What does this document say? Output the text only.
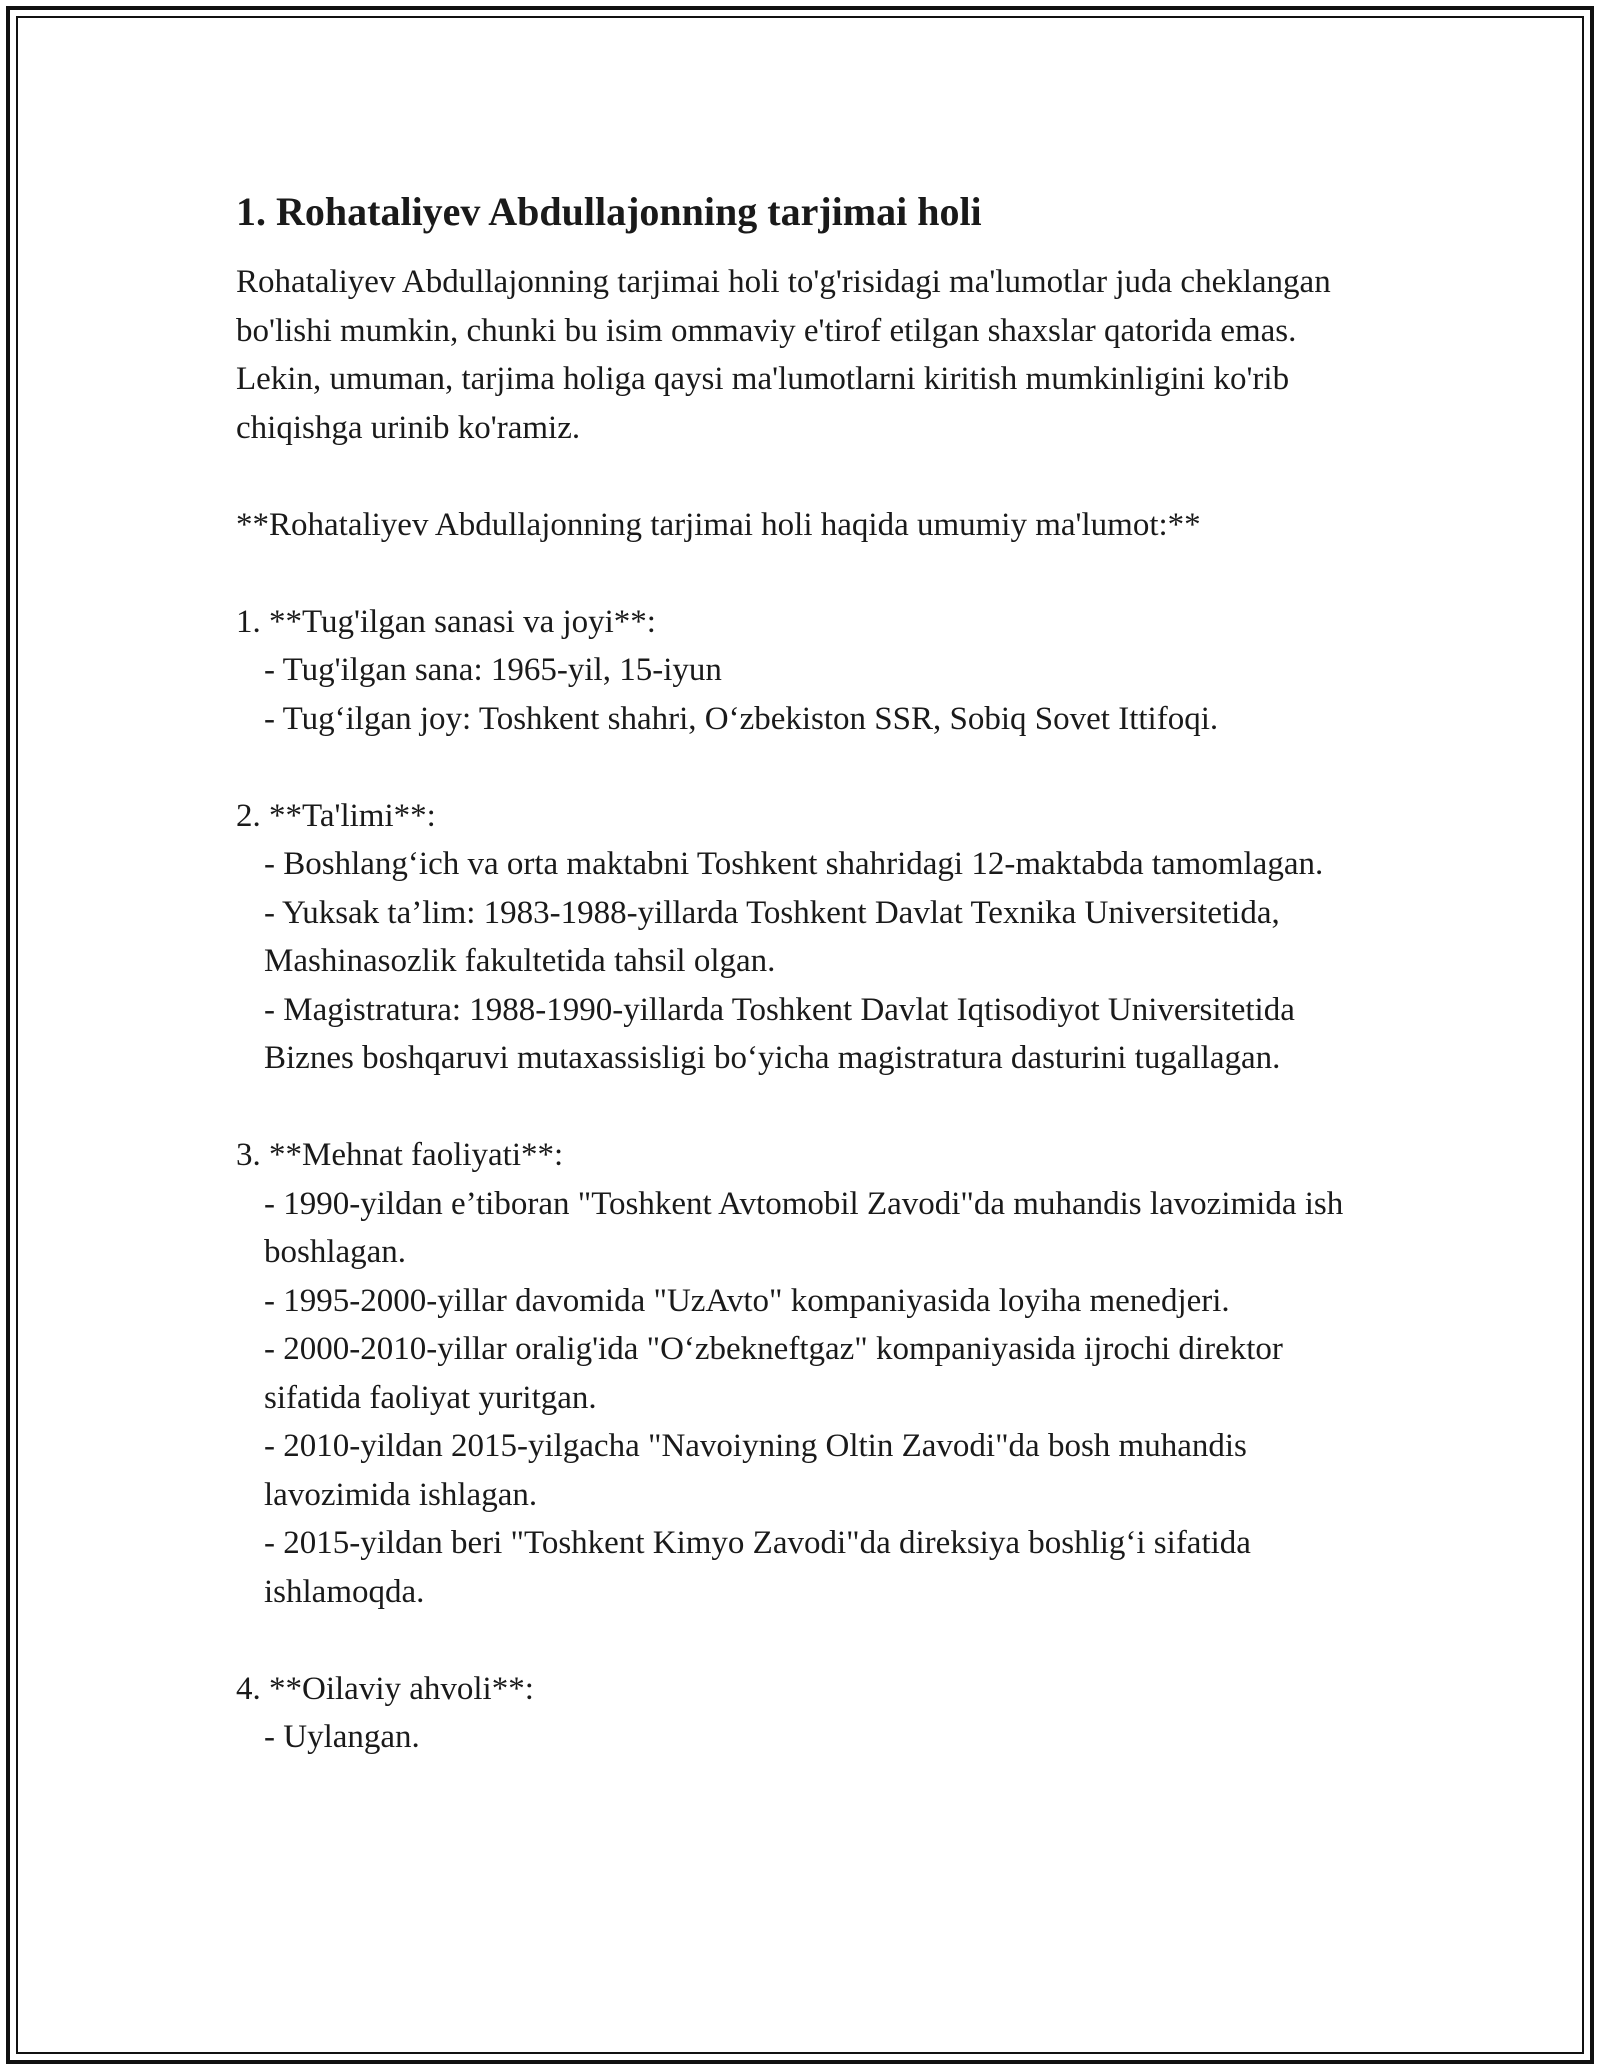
1. Rohataliyev Abdullajonning tarjimai holi

Rohataliyev Abdullajonning tarjimai holi to'g'risidagi ma'lumotlar juda cheklangan bo'lishi mumkin, chunki bu isim ommaviy e'tirof etilgan shaxslar qatorida emas. Lekin, umuman, tarjima holiga qaysi ma'lumotlarni kiritish mumkinligini ko'rib chiqishga urinib ko'ramiz.

**Rohataliyev Abdullajonning tarjimai holi haqida umumiy ma'lumot:**

1. **Tug'ilgan sanasi va joyi**:
- Tug'ilgan sana: 1965-yil, 15-iyun
- Tug‘ilgan joy: Toshkent shahri, O‘zbekiston SSR, Sobiq Sovet Ittifoqi.
2. **Ta'limi**:
- Boshlang‘ich va orta maktabni Toshkent shahridagi 12-maktabda tamomlagan.
- Yuksak ta’lim: 1983-1988-yillarda Toshkent Davlat Texnika Universitetida, Mashinasozlik fakultetida tahsil olgan.
- Magistratura: 1988-1990-yillarda Toshkent Davlat Iqtisodiyot Universitetida Biznes boshqaruvi mutaxassisligi bo‘yicha magistratura dasturini tugallagan.
3. **Mehnat faoliyati**:
- 1990-yildan e’tiboran "Toshkent Avtomobil Zavodi"da muhandis lavozimida ish boshlagan.
- 1995-2000-yillar davomida "UzAvto" kompaniyasida loyiha menedjeri.
- 2000-2010-yillar oralig'ida "O‘zbekneftgaz" kompaniyasida ijrochi direktor sifatida faoliyat yuritgan.
- 2010-yildan 2015-yilgacha "Navoiyning Oltin Zavodi"da bosh muhandis lavozimida ishlagan.
- 2015-yildan beri "Toshkent Kimyo Zavodi"da direksiya boshlig‘i sifatida ishlamoqda.
4. **Oilaviy ahvoli**:
- Uylangan.
